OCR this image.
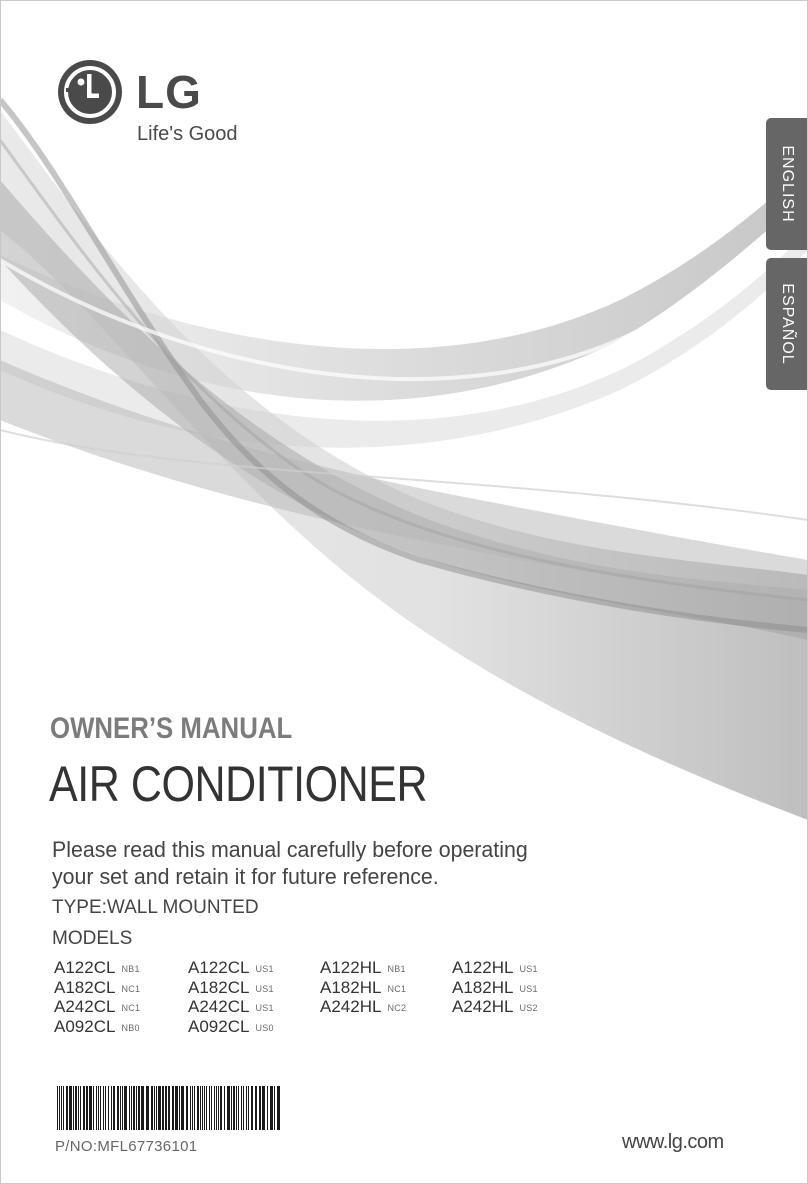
LG
Life's Good
ENGLISH
ESPAÑOL
OWNER’S MANUAL
AIR CONDITIONER
Please read this manual carefully before operating
your set and retain it for future reference.
TYPE:WALL MOUNTED
MODELS
A122CL NB1	A122CL US1	A122HL NB1	A122HL US1
A182CL NC1	A182CL US1	A182HL NC1	A182HL US1
A242CL NC1	A242CL US1	A242HL NC2	A242HL US2
A092CL NB0	A092CL US0
P/NO:MFL67736101	www.lg.com
